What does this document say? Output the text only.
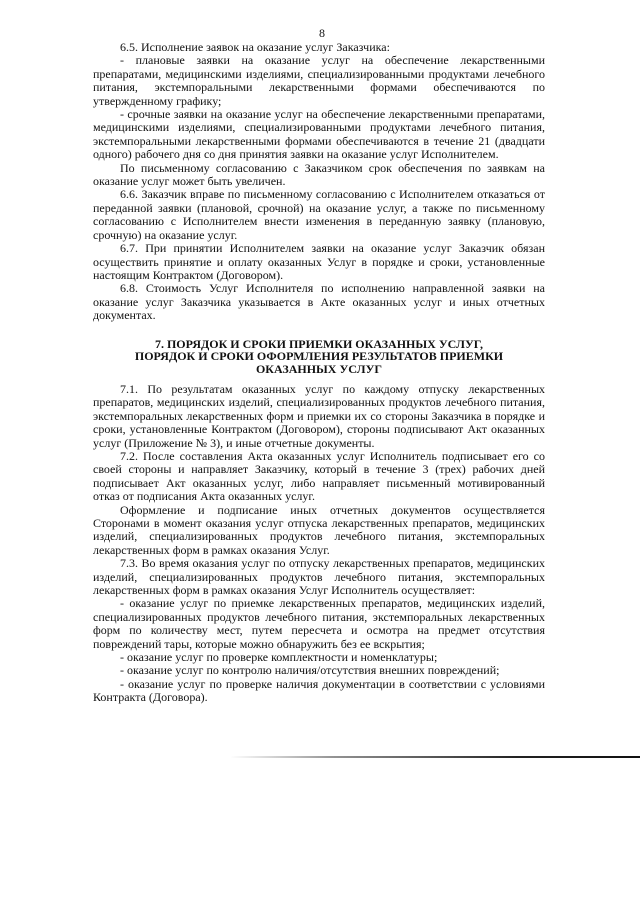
8

6.5. Исполнение заявок на оказание услуг Заказчика:

- плановые заявки на оказание услуг на обеспечение лекарственными препаратами, медицинскими изделиями, специализированными продуктами лечебного питания, экстемпоральными лекарственными формами обеспечиваются по утвержденному графику;

- срочные заявки на оказание услуг на обеспечение лекарственными препаратами, медицинскими изделиями, специализированными продуктами лечебного питания, экстемпоральными лекарственными формами обеспечиваются в течение 21 (двадцати одного) рабочего дня со дня принятия заявки на оказание услуг Исполнителем.

По письменному согласованию с Заказчиком срок обеспечения по заявкам на оказание услуг может быть увеличен.

6.6. Заказчик вправе по письменному согласованию с Исполнителем отказаться от переданной заявки (плановой, срочной) на оказание услуг, а также по письменному согласованию с Исполнителем внести изменения в переданную заявку (плановую, срочную) на оказание услуг.

6.7. При принятии Исполнителем заявки на оказание услуг Заказчик обязан осуществить принятие и оплату оказанных Услуг в порядке и сроки, установленные настоящим Контрактом (Договором).

6.8. Стоимость Услуг Исполнителя по исполнению направленной заявки на оказание услуг Заказчика указывается в Акте оказанных услуг и иных отчетных документах.

7. ПОРЯДОК И СРОКИ ПРИЕМКИ ОКАЗАННЫХ УСЛУГ,
ПОРЯДОК И СРОКИ ОФОРМЛЕНИЯ РЕЗУЛЬТАТОВ ПРИЕМКИ
ОКАЗАННЫХ УСЛУГ

7.1. По результатам оказанных услуг по каждому отпуску лекарственных препаратов, медицинских изделий, специализированных продуктов лечебного питания, экстемпоральных лекарственных форм и приемки их со стороны Заказчика в порядке и сроки, установленные Контрактом (Договором), стороны подписывают Акт оказанных услуг (Приложение № 3), и иные отчетные документы.

7.2. После составления Акта оказанных услуг Исполнитель подписывает его со своей стороны и направляет Заказчику, который в течение 3 (трех) рабочих дней подписывает Акт оказанных услуг, либо направляет письменный мотивированный отказ от подписания Акта оказанных услуг.

Оформление и подписание иных отчетных документов осуществляется Сторонами в момент оказания услуг отпуска лекарственных препаратов, медицинских изделий, специализированных продуктов лечебного питания, экстемпоральных лекарственных форм в рамках оказания Услуг.

7.3. Во время оказания услуг по отпуску лекарственных препаратов, медицинских изделий, специализированных продуктов лечебного питания, экстемпоральных лекарственных форм в рамках оказания Услуг Исполнитель осуществляет:

- оказание услуг по приемке лекарственных препаратов, медицинских изделий, специализированных продуктов лечебного питания, экстемпоральных лекарственных форм по количеству мест, путем пересчета и осмотра на предмет отсутствия повреждений тары, которые можно обнаружить без ее вскрытия;

- оказание услуг по проверке комплектности и номенклатуры;

- оказание услуг по контролю наличия/отсутствия внешних повреждений;

- оказание услуг по проверке наличия документации в соответствии с условиями Контракта (Договора).
